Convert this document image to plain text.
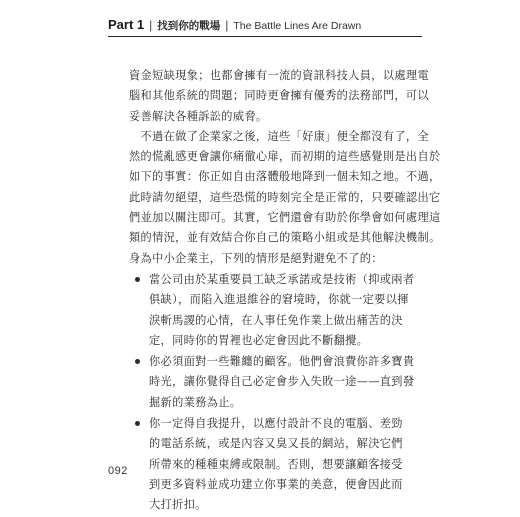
Part 1 | 找到你的戰場 | The Battle Lines Are Drawn
資金短缺現象；也都會擁有一流的資訊科技人員，以處理電
腦和其他系統的問題；同時更會擁有優秀的法務部門，可以
妥善解決各種訴訟的威脅。
　不過在做了企業家之後，這些「好康」便全都沒有了，全
然的慌亂感更會讓你痛徹心扉，而初期的這些感覺則是出自於
如下的事實：你正如自由落體般地降到一個未知之地。不過，
此時請勿絕望，這些恐慌的時刻完全是正常的，只要確認出它
們並加以關注即可。其實，它們還會有助於你學會如何處理這
類的情況，並有效結合你自己的策略小組或是其他解決機制。
身為中小企業主，下列的情形是絕對避免不了的：
當公司由於某重要員工缺乏承諾或是技術（抑或兩者
俱缺），而陷入進退維谷的窘境時，你就一定要以揮
淚斬馬謖的心情，在人事任免作業上做出痛苦的決
定，同時你的胃裡也必定會因此不斷翻攪。
你必須面對一些難纏的顧客。他們會浪費你許多寶貴
時光，讓你覺得自己必定會步入失敗一途——直到發
掘新的業務為止。
你一定得自我提升，以應付設計不良的電腦、差勁
的電話系統，或是內容又臭又長的網站，解決它們
所帶來的種種束縛或限制。否則，想要讓顧客接受
到更多資料並成功建立你事業的美意，便會因此而
大打折扣。
092
